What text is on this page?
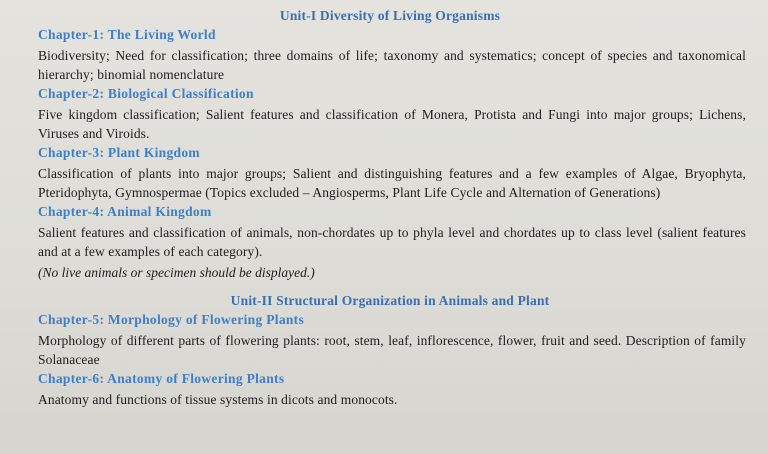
Unit-I Diversity of Living Organisms
Chapter-1: The Living World

Biodiversity; Need for classification; three domains of life; taxonomy and systematics; concept of species and taxonomical hierarchy; binomial nomenclature

Chapter-2: Biological Classification

Five kingdom classification; Salient features and classification of Monera, Protista and Fungi into major groups; Lichens, Viruses and Viroids.

Chapter-3: Plant Kingdom

Classification of plants into major groups; Salient and distinguishing features and a few examples of Algae, Bryophyta, Pteridophyta, Gymnospermae (Topics excluded – Angiosperms, Plant Life Cycle and Alternation of Generations)

Chapter-4: Animal Kingdom

Salient features and classification of animals, non-chordates up to phyla level and chordates up to class level (salient features and at a few examples of each category).

(No live animals or specimen should be displayed.)

Unit-II Structural Organization in Animals and Plant
Chapter-5: Morphology of Flowering Plants

Morphology of different parts of flowering plants: root, stem, leaf, inflorescence, flower, fruit and seed. Description of family Solanaceae

Chapter-6: Anatomy of Flowering Plants

Anatomy and functions of tissue systems in dicots and monocots.
